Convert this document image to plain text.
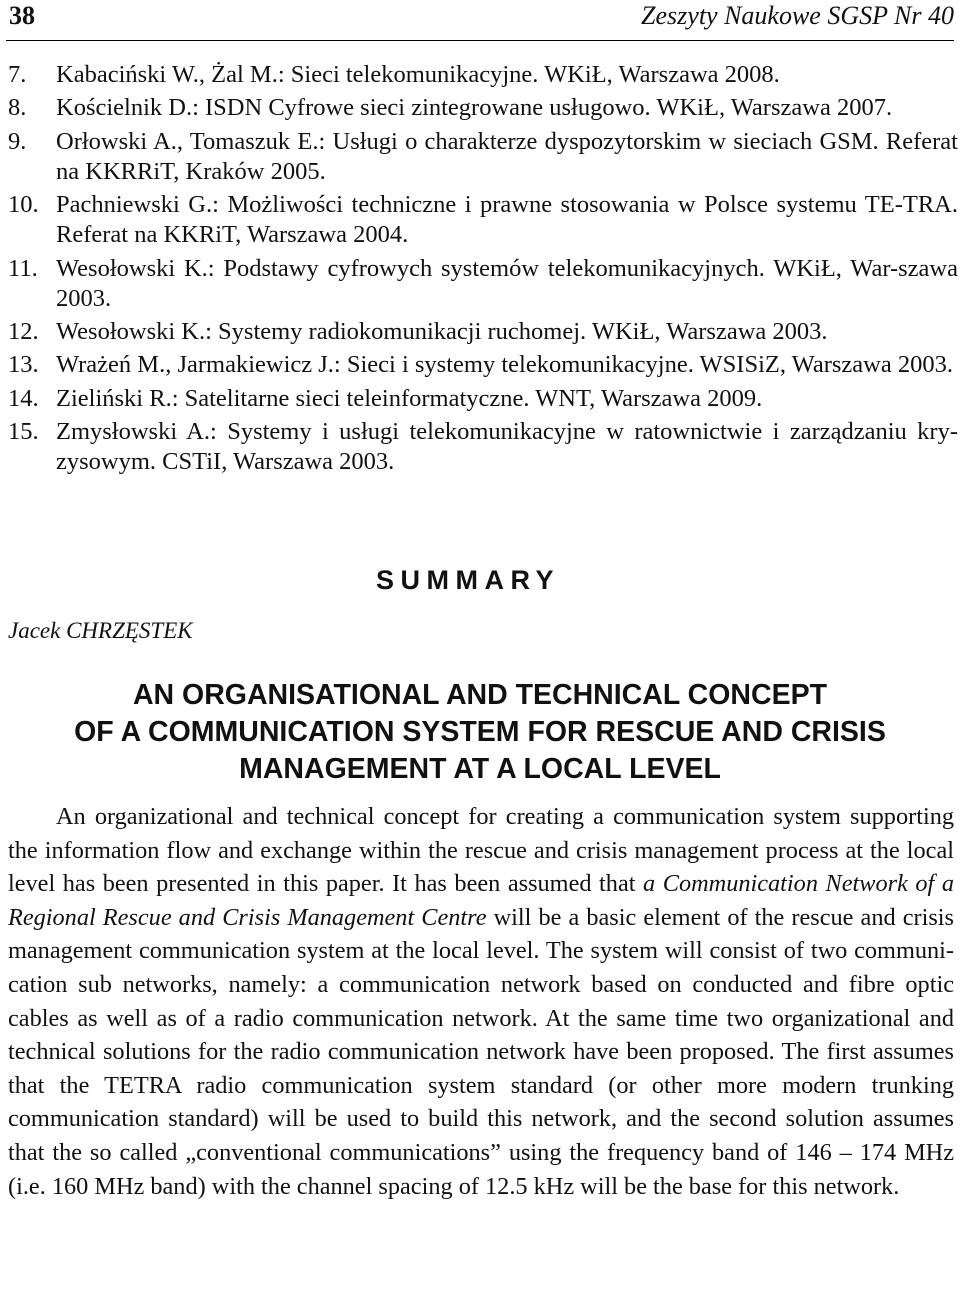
38	Zeszyty Naukowe SGSP Nr 40
7. Kabaciński W., Żal M.: Sieci telekomunikacyjne. WKiŁ, Warszawa 2008.
8. Kościelnik D.: ISDN Cyfrowe sieci zintegrowane usługowo. WKiŁ, Warszawa 2007.
9. Orłowski A., Tomaszuk E.: Usługi o charakterze dyspozytorskim w sieciach GSM. Referat na KKRRiT, Kraków 2005.
10. Pachniewski G.: Możliwości techniczne i prawne stosowania w Polsce systemu TE-TRA. Referat na KKRiT, Warszawa 2004.
11. Wesołowski K.: Podstawy cyfrowych systemów telekomunikacyjnych. WKiŁ, War-szawa 2003.
12. Wesołowski K.: Systemy radiokomunikacji ruchomej. WKiŁ, Warszawa 2003.
13. Wrażeń M., Jarmakiewicz J.: Sieci i systemy telekomunikacyjne. WSISiZ, Warszawa 2003.
14. Zieliński R.: Satelitarne sieci teleinformatyczne. WNT, Warszawa 2009.
15. Zmysłowski A.: Systemy i usługi telekomunikacyjne w ratownictwie i zarządzaniu kry-zysowym. CSTiI, Warszawa 2003.
SUMMARY
Jacek CHRZĘSTEK
AN ORGANISATIONAL AND TECHNICAL CONCEPT
OF A COMMUNICATION SYSTEM FOR RESCUE AND CRISIS
MANAGEMENT AT A LOCAL LEVEL
An organizational and technical concept for creating a communication system supporting the information flow and exchange within the rescue and crisis management process at the local level has been presented in this paper. It has been assumed that a Communication Network of a Regional Rescue and Crisis Management Centre will be a basic element of the rescue and crisis management communication system at the local level. The system will consist of two communi-cation sub networks, namely: a communication network based on conducted and fibre optic cables as well as of a radio communication network. At the same time two organizational and technical solutions for the radio communication network have been proposed. The first assumes that the TETRA radio communication system standard (or other more modern trunking communication standard) will be used to build this network, and the second solution assumes that the so called „conventional communications” using the frequency band of 146 – 174 MHz (i.e. 160 MHz band) with the channel spacing of 12.5 kHz will be the base for this network.
